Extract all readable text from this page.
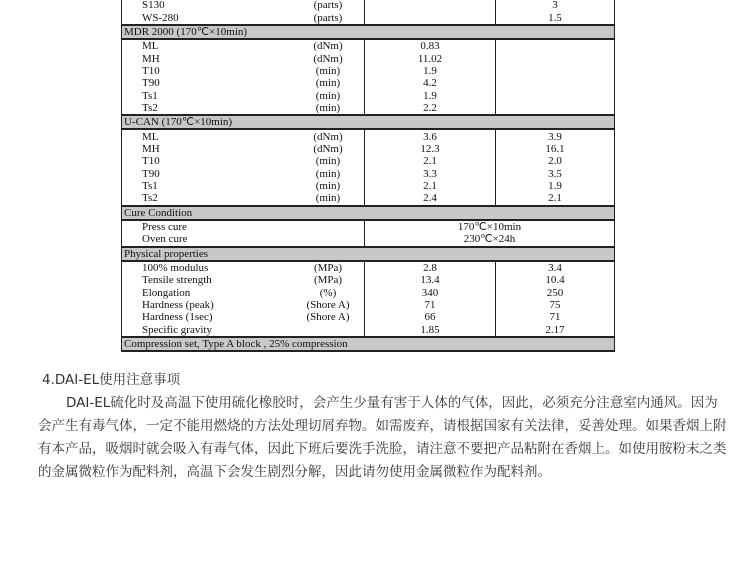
S130	(parts)		3
WS-280	(parts)		1.5
MDR 2000 (170℃×10min)			
ML	(dNm)	0.83	
MH	(dNm)	11.02	
T10	(min)	1.9	
T90	(min)	4.2	
Ts1	(min)	1.9	
Ts2	(min)	2.2	
U-CAN (170℃×10min)			
ML	(dNm)	3.6	3.9
MH	(dNm)	12.3	16.1
T10	(min)	2.1	2.0
T90	(min)	3.3	3.5
Ts1	(min)	2.1	1.9
Ts2	(min)	2.4	2.1
Cure Condition			
Press cure		170℃×10min	
Oven cure		230℃×24h	
Physical properties			
100% modulus	(MPa)	2.8	3.4
Tensile strength	(MPa)	13.4	10.4
Elongation	(%)	340	250
Hardness (peak)	(Shore A)	71	75
Hardness (1sec)	(Shore A)	66	71
Specific gravity		1.85	2.17
Compression set, Type A block , 25% compression			
4.DAI-EL使用注意事项

DAI-EL硫化时及高温下使用硫化橡胶时，会产生少量有害于人体的气体，因此，必须充分注意室内通风。因为会产生有毒气体，一定不能用燃烧的方法处理切屑弃物。如需废弃，请根据国家有关法律，妥善处理。如果香烟上附有本产品，吸烟时就会吸入有毒气体，因此下班后要洗手洗脸，请注意不要把产品粘附在香烟上。如使用胺粉末之类的金属微粒作为配料剂，高温下会发生剧烈分解，因此请勿使用金属微粒作为配料剂。
